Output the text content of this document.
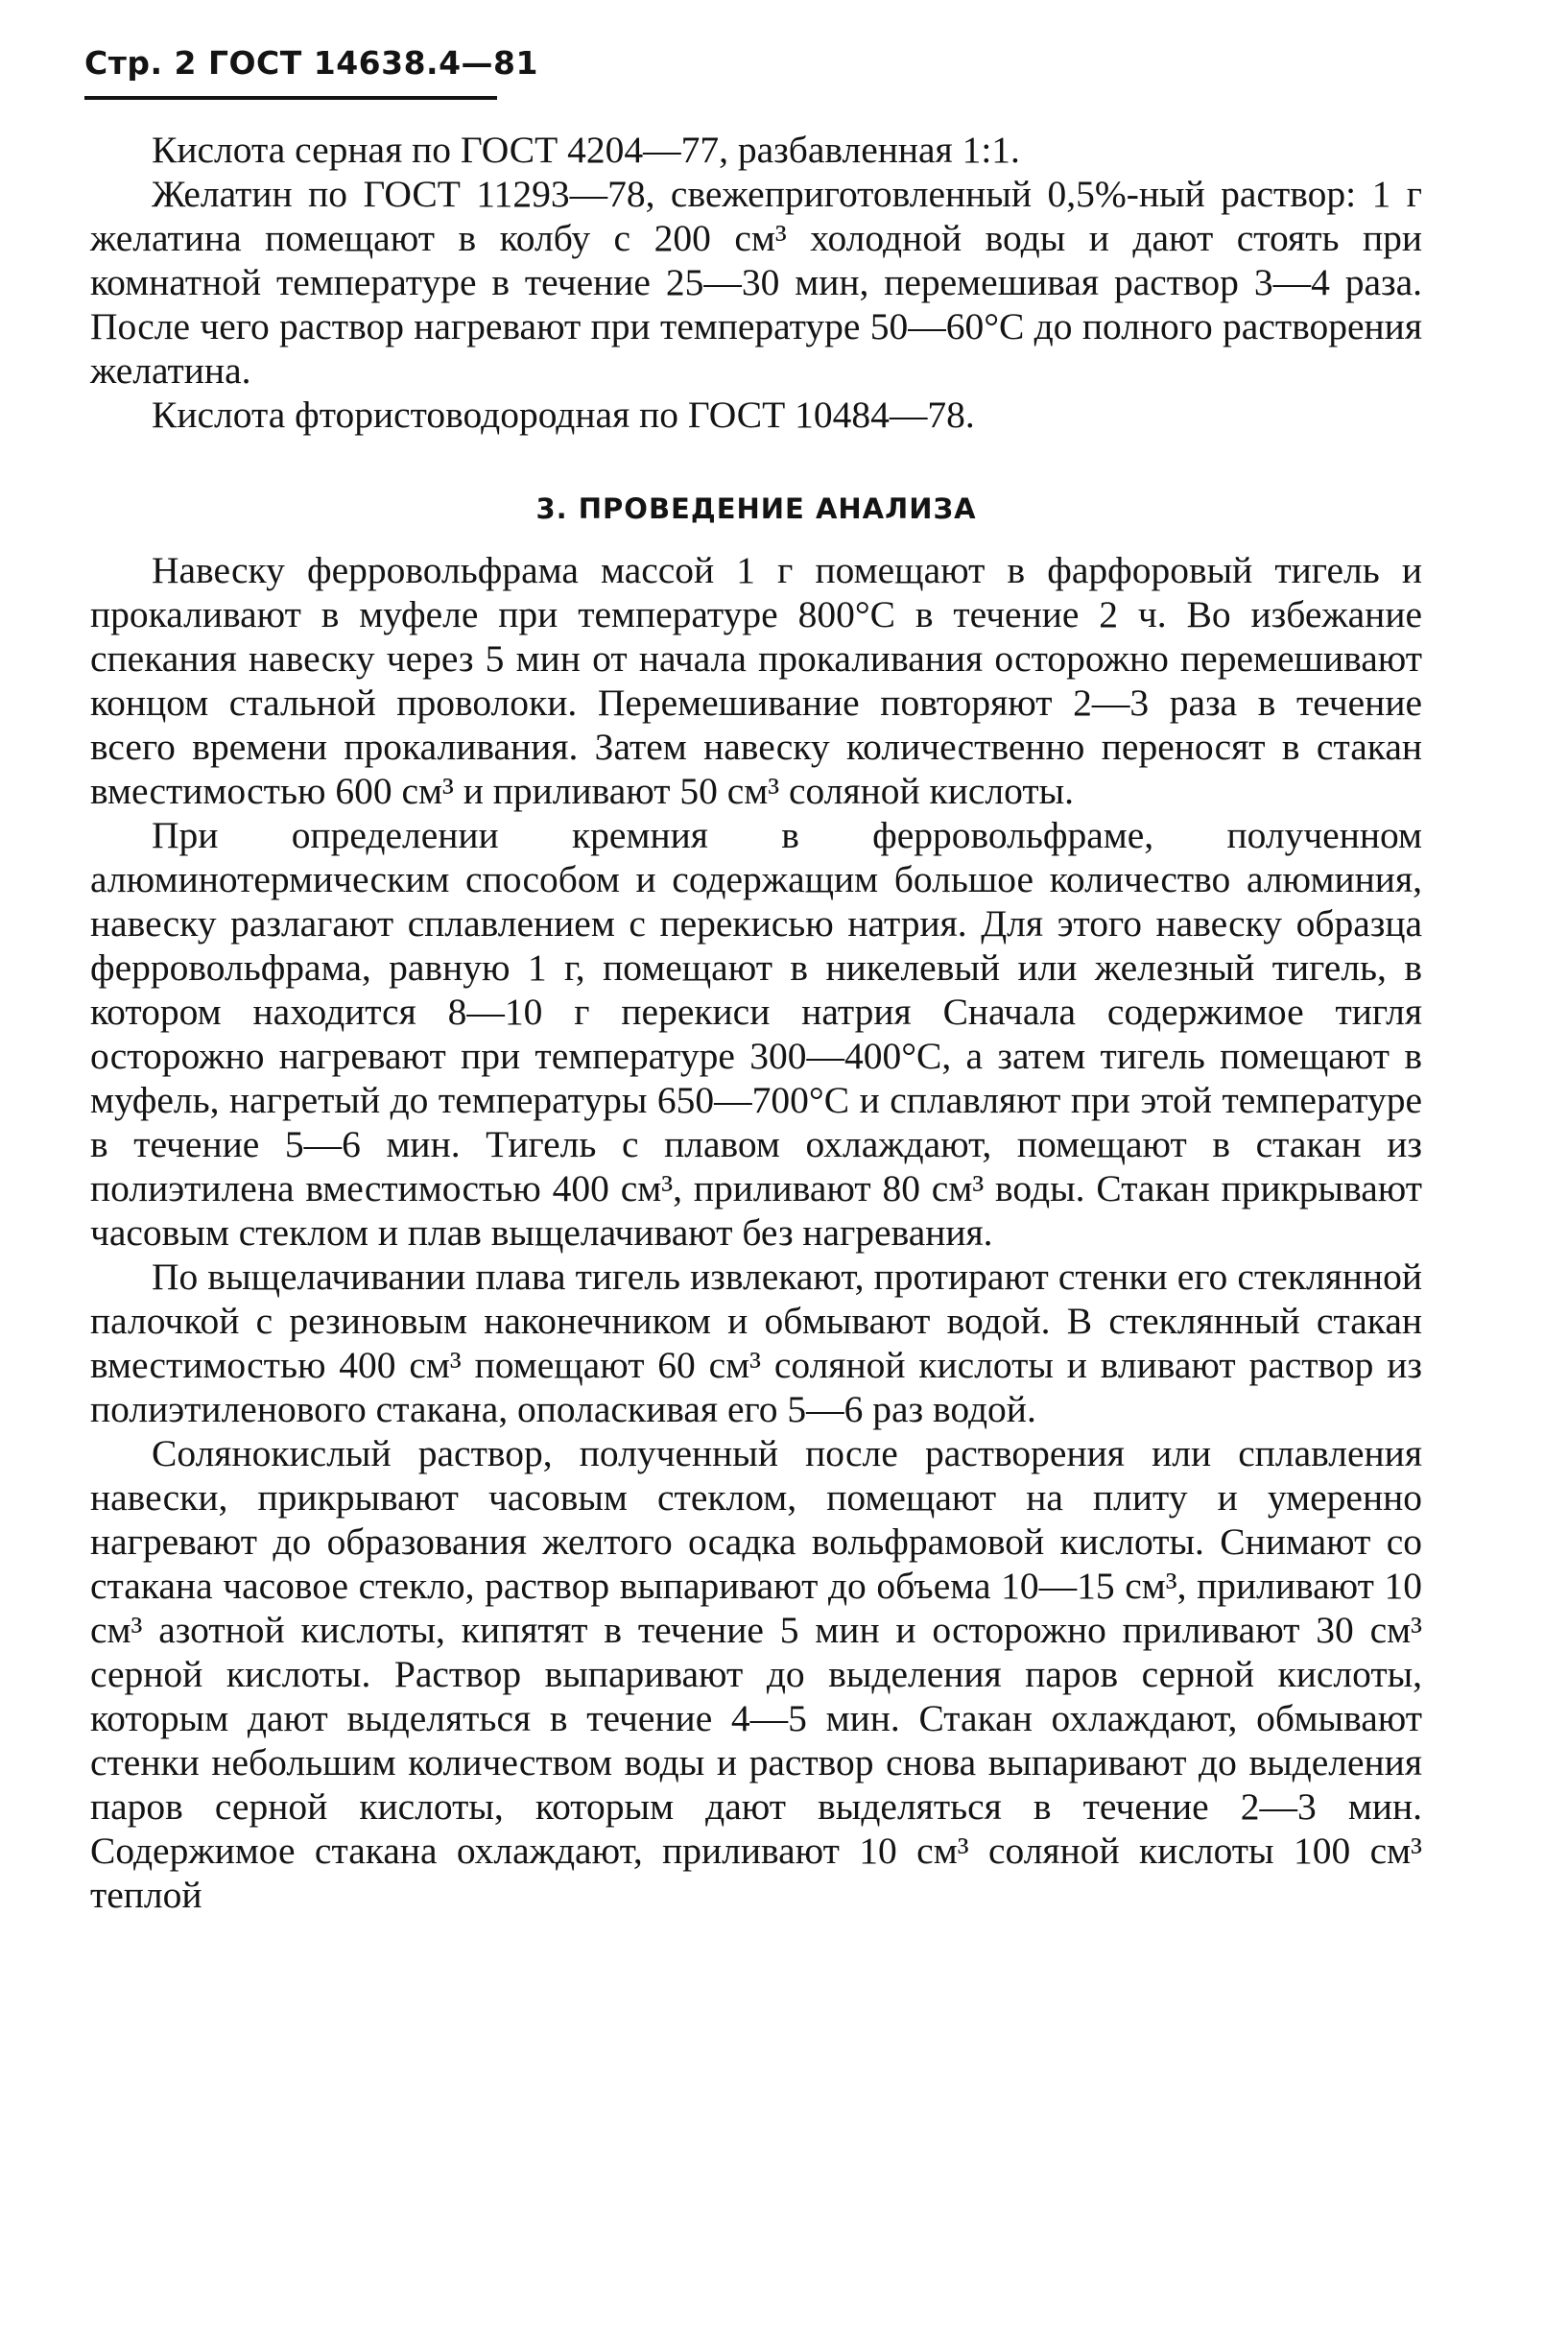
Стр. 2 ГОСТ 14638.4—81

Кислота серная по ГОСТ 4204—77, разбавленная 1:1.

Желатин по ГОСТ 11293—78, свежеприготовленный 0,5%-ный раствор: 1 г желатина помещают в колбу с 200 см³ холодной воды и дают стоять при комнатной температуре в течение 25—30 мин, перемешивая раствор 3—4 раза. После чего раствор нагревают при температуре 50—60°С до полного растворения желатина.

Кислота фтористоводородная по ГОСТ 10484—78.

3. ПРОВЕДЕНИЕ АНАЛИЗА

Навеску ферровольфрама массой 1 г помещают в фарфоровый тигель и прокаливают в муфеле при температуре 800°С в течение 2 ч. Во избежание спекания навеску через 5 мин от начала прокаливания осторожно перемешивают концом стальной проволоки. Перемешивание повторяют 2—3 раза в течение всего времени прокаливания. Затем навеску количественно переносят в стакан вместимостью 600 см³ и приливают 50 см³ соляной кислоты.

При определении кремния в ферровольфраме, полученном алюминотермическим способом и содержащим большое количество алюминия, навеску разлагают сплавлением с перекисью натрия. Для этого навеску образца ферровольфрама, равную 1 г, помещают в никелевый или железный тигель, в котором находится 8—10 г перекиси натрия Сначала содержимое тигля осторожно нагревают при температуре 300—400°С, а затем тигель помещают в муфель, нагретый до температуры 650—700°С и сплавляют при этой температуре в течение 5—6 мин. Тигель с плавом охлаждают, помещают в стакан из полиэтилена вместимостью 400 см³, приливают 80 см³ воды. Стакан прикрывают часовым стеклом и плав выщелачивают без нагревания.

По выщелачивании плава тигель извлекают, протирают стенки его стеклянной палочкой с резиновым наконечником и обмывают водой. В стеклянный стакан вместимостью 400 см³ помещают 60 см³ соляной кислоты и вливают раствор из полиэтиленового стакана, ополаскивая его 5—6 раз водой.

Солянокислый раствор, полученный после растворения или сплавления навески, прикрывают часовым стеклом, помещают на плиту и умеренно нагревают до образования желтого осадка вольфрамовой кислоты. Снимают со стакана часовое стекло, раствор выпаривают до объема 10—15 см³, приливают 10 см³ азотной кислоты, кипятят в течение 5 мин и осторожно приливают 30 см³ серной кислоты. Раствор выпаривают до выделения паров серной кислоты, которым дают выделяться в течение 4—5 мин. Стакан охлаждают, обмывают стенки небольшим количеством воды и раствор снова выпаривают до выделения паров серной кислоты, которым дают выделяться в течение 2—3 мин. Содержимое стакана охлаждают, приливают 10 см³ соляной кислоты 100 см³ теплой
